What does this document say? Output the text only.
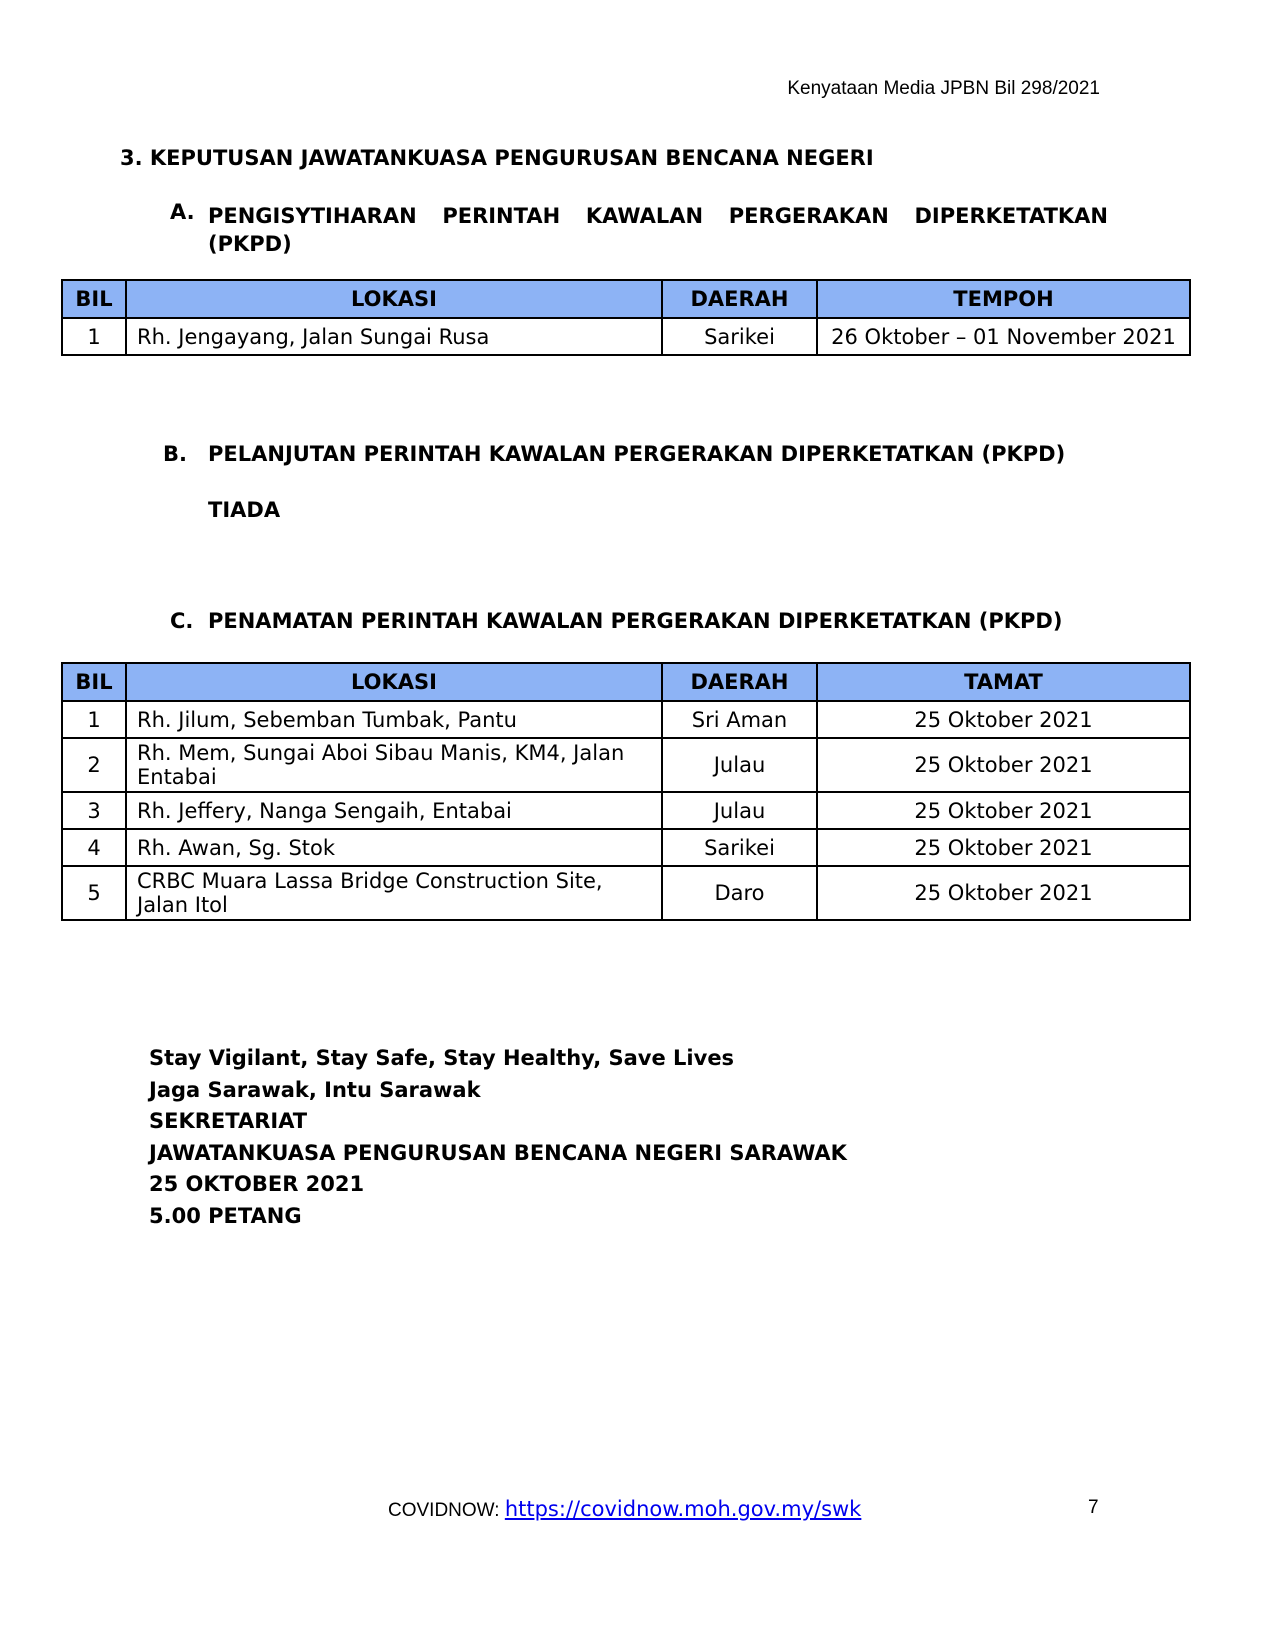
Kenyataan Media JPBN Bil 298/2021
3. KEPUTUSAN JAWATANKUASA PENGURUSAN BENCANA NEGERI
A. PENGISYTIHARAN PERINTAH KAWALAN PERGERAKAN DIPERKETATKAN
(PKPD)
BIL	LOKASI	DAERAH	TEMPOH
1	Rh. Jengayang, Jalan Sungai Rusa	Sarikei	26 Oktober – 01 November 2021
B. PELANJUTAN PERINTAH KAWALAN PERGERAKAN DIPERKETATKAN (PKPD)
TIADA
C. PENAMATAN PERINTAH KAWALAN PERGERAKAN DIPERKETATKAN (PKPD)
BIL	LOKASI	DAERAH	TAMAT
1	Rh. Jilum, Sebemban Tumbak, Pantu	Sri Aman	25 Oktober 2021
2	Rh. Mem, Sungai Aboi Sibau Manis, KM4, Jalan Entabai	Julau	25 Oktober 2021
3	Rh. Jeffery, Nanga Sengaih, Entabai	Julau	25 Oktober 2021
4	Rh. Awan, Sg. Stok	Sarikei	25 Oktober 2021
5	CRBC Muara Lassa Bridge Construction Site, Jalan Itol	Daro	25 Oktober 2021
Stay Vigilant, Stay Safe, Stay Healthy, Save Lives
Jaga Sarawak, Intu Sarawak
SEKRETARIAT
JAWATANKUASA PENGURUSAN BENCANA NEGERI SARAWAK
25 OKTOBER 2021
5.00 PETANG
COVIDNOW: https://covidnow.moh.gov.my/swk	7
